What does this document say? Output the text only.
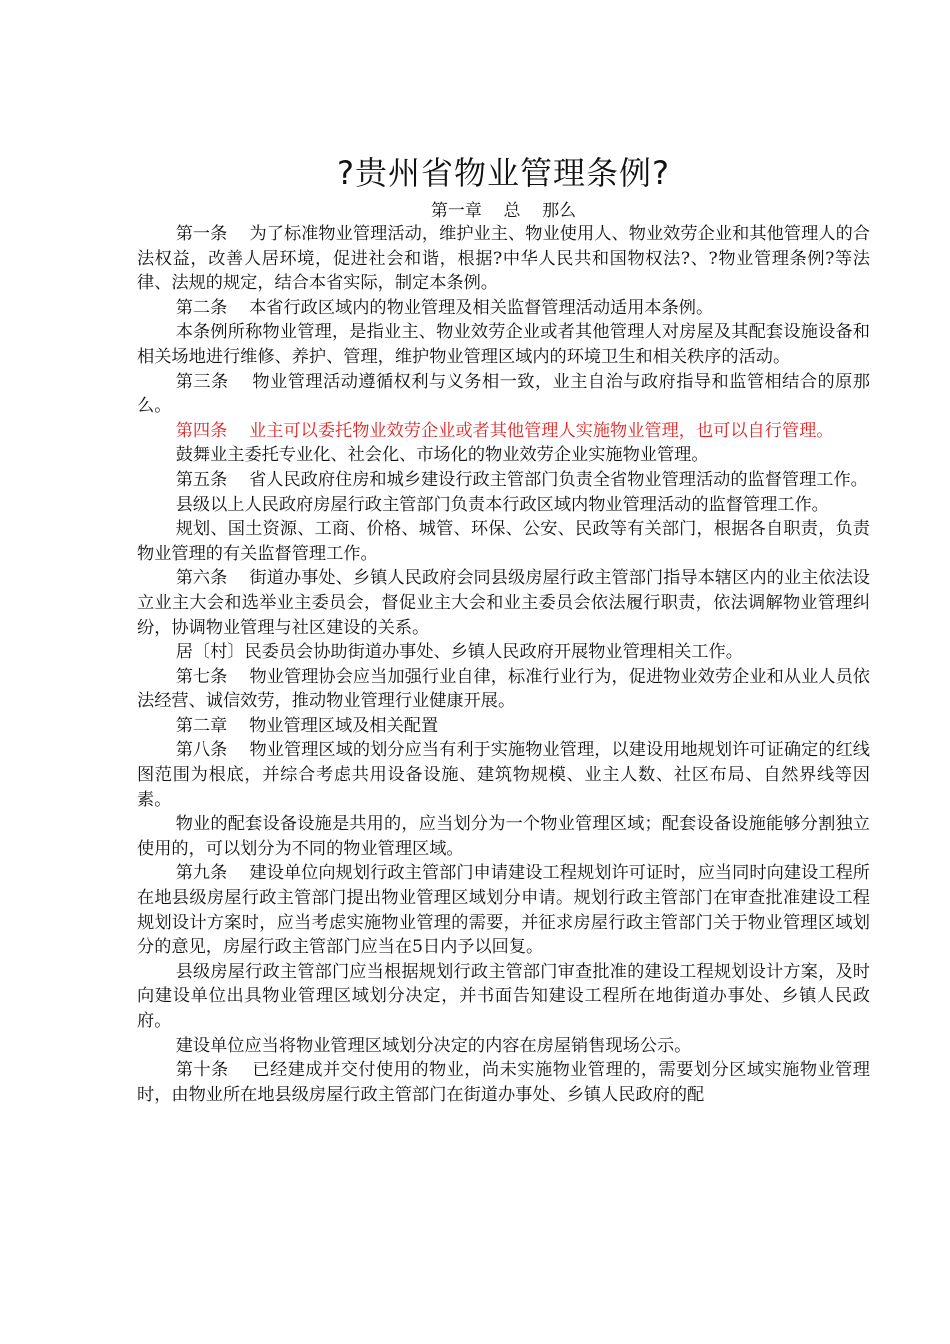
?贵州省物业管理条例?

第一章    总    那么

第一条    为了标准物业管理活动，维护业主、物业使用人、物业效劳企业和其他管理人的合法权益，改善人居环境，促进社会和谐，根据?中华人民共和国物权法?、?物业管理条例?等法律、法规的规定，结合本省实际，制定本条例。

第二条    本省行政区域内的物业管理及相关监督管理活动适用本条例。

本条例所称物业管理，是指业主、物业效劳企业或者其他管理人对房屋及其配套设施设备和相关场地进行维修、养护、管理，维护物业管理区域内的环境卫生和相关秩序的活动。

第三条    物业管理活动遵循权利与义务相一致，业主自治与政府指导和监管相结合的原那么。

第四条    业主可以委托物业效劳企业或者其他管理人实施物业管理，也可以自行管理。

鼓舞业主委托专业化、社会化、市场化的物业效劳企业实施物业管理。

第五条    省人民政府住房和城乡建设行政主管部门负责全省物业管理活动的监督管理工作。

县级以上人民政府房屋行政主管部门负责本行政区域内物业管理活动的监督管理工作。

规划、国土资源、工商、价格、城管、环保、公安、民政等有关部门，根据各自职责，负责物业管理的有关监督管理工作。

第六条    街道办事处、乡镇人民政府会同县级房屋行政主管部门指导本辖区内的业主依法设立业主大会和选举业主委员会，督促业主大会和业主委员会依法履行职责，依法调解物业管理纠纷，协调物业管理与社区建设的关系。

居〔村〕民委员会协助街道办事处、乡镇人民政府开展物业管理相关工作。

第七条    物业管理协会应当加强行业自律，标准行业行为，促进物业效劳企业和从业人员依法经营、诚信效劳，推动物业管理行业健康开展。

第二章    物业管理区域及相关配置

第八条    物业管理区域的划分应当有利于实施物业管理，以建设用地规划许可证确定的红线图范围为根底，并综合考虑共用设备设施、建筑物规模、业主人数、社区布局、自然界线等因素。

物业的配套设备设施是共用的，应当划分为一个物业管理区域；配套设备设施能够分割独立使用的，可以划分为不同的物业管理区域。

第九条    建设单位向规划行政主管部门申请建设工程规划许可证时，应当同时向建设工程所在地县级房屋行政主管部门提出物业管理区域划分申请。规划行政主管部门在审查批准建设工程规划设计方案时，应当考虑实施物业管理的需要，并征求房屋行政主管部门关于物业管理区域划分的意见，房屋行政主管部门应当在5日内予以回复。

县级房屋行政主管部门应当根据规划行政主管部门审查批准的建设工程规划设计方案，及时向建设单位出具物业管理区域划分决定，并书面告知建设工程所在地街道办事处、乡镇人民政府。

建设单位应当将物业管理区域划分决定的内容在房屋销售现场公示。

第十条    已经建成并交付使用的物业，尚未实施物业管理的，需要划分区域实施物业管理时，由物业所在地县级房屋行政主管部门在街道办事处、乡镇人民政府的配
